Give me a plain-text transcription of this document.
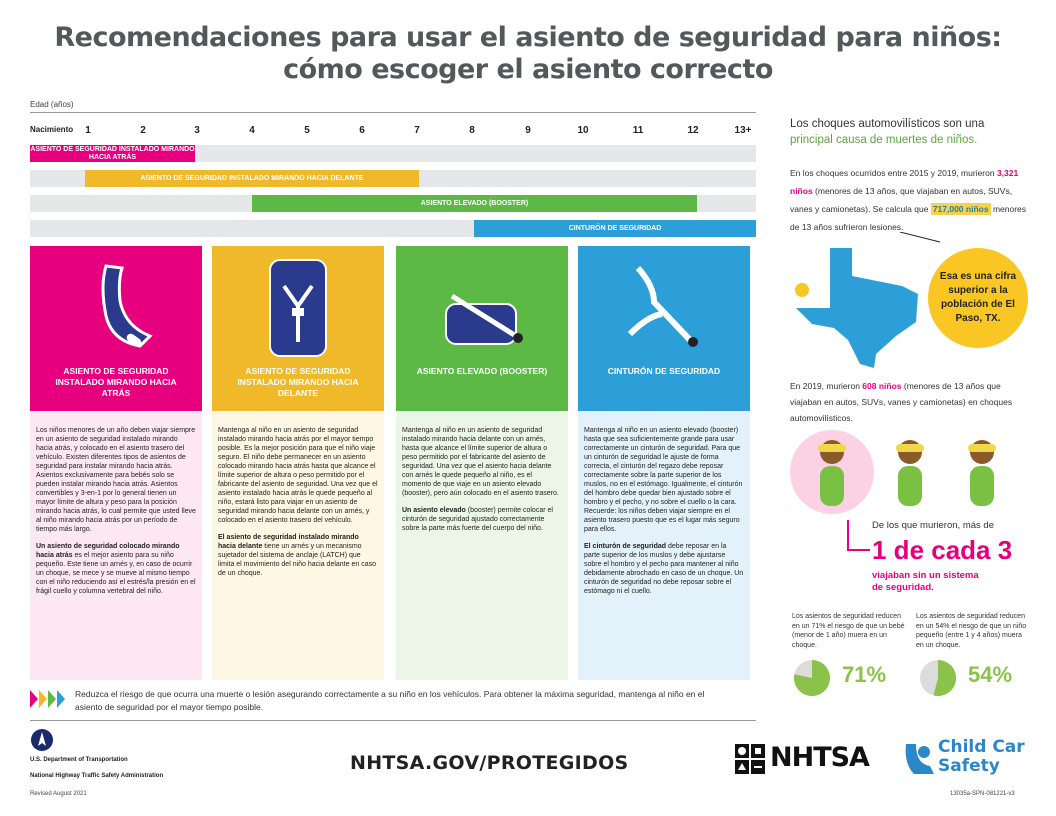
Recomendaciones para usar el asiento de seguridad para niños:
cómo escoger el asiento correcto
Edad (años)
Nacimiento	1	2	3	4	5	6	7	8	9	10	11	12	13+
ASIENTO DE SEGURIDAD INSTALADO MIRANDO HACIA ATRÁS
ASIENTO DE SEGURIDAD INSTALADO MIRANDO HACIA DELANTE
ASIENTO ELEVADO (BOOSTER)
CINTURÓN DE SEGURIDAD
ASIENTO DE SEGURIDAD INSTALADO MIRANDO HACIA ATRÁS
ASIENTO DE SEGURIDAD INSTALADO MIRANDO HACIA DELANTE
ASIENTO ELEVADO (BOOSTER)	CINTURÓN DE SEGURIDAD

Los niños menores de un año deben viajar siempre en un asiento de seguridad instalado mirando hacia atrás, y colocado en el asiento trasero del vehículo. Existen diferentes tipos de asientos de seguridad para instalar mirando hacia atrás. Asientos exclusivamente para bebés solo se pueden instalar mirando hacia atrás. Asientos convertibles y 3-en-1 por lo general tienen un mayor límite de altura y peso para la posición mirando hacia atrás, lo cual permite que usted lleve al niño mirando hacia atrás por un período de tiempo más largo.

Un asiento de seguridad colocado mirando hacia atrás es el mejor asiento para su niño pequeño. Este tiene un arnés y, en caso de ocurrir un choque, se mece y se mueve al mismo tiempo con el niño reduciendo así el estrés/la presión en el frágil cuello y columna vertebral del niño.

Mantenga al niño en un asiento de seguridad instalado mirando hacia atrás por el mayor tiempo posible. Es la mejor posición para que el niño viaje seguro. El niño debe permanecer en un asiento colocado mirando hacia atrás hasta que alcance el límite superior de altura o peso permitido por el fabricante del asiento de seguridad. Una vez que el asiento instalado hacia atrás le quede pequeño al niño, estará listo para viajar en un asiento de seguridad mirando hacia delante con un arnés, y colocado en el asiento trasero del vehículo.

El asiento de seguridad instalado mirando hacia delante tiene un arnés y un mecanismo sujetador del sistema de anclaje (LATCH) que limita el movimiento del niño hacia delante en caso de un choque.

Mantenga al niño en un asiento de seguridad instalado mirando hacia delante con un arnés, hasta que alcance el límite superior de altura o peso permitido por el fabricante del asiento de seguridad. Una vez que el asiento hacia delante con arnés le quede pequeño al niño, es el momento de que viaje en un asiento elevado (booster), pero aún colocado en el asiento trasero.

Un asiento elevado (booster) permite colocar el cinturón de seguridad ajustado correctamente sobre la parte más fuerte del cuerpo del niño.

Mantenga al niño en un asiento elevado (booster) hasta que sea suficientemente grande para usar correctamente un cinturón de seguridad. Para que un cinturón de seguridad le ajuste de forma correcta, el cinturón del regazo debe reposar correctamente sobre la parte superior de los muslos, no en el estómago. Igualmente, el cinturón del hombro debe quedar bien ajustado sobre el hombro y el pecho, y no sobre el cuello o la cara. Recuerde: los niños deben viajar siempre en el asiento trasero puesto que es el lugar más seguro para ellos.

El cinturón de seguridad debe reposar en la parte superior de los muslos y debe ajustarse sobre el hombro y el pecho para mantener al niño debidamente abrochado en caso de un choque. Un cinturón de seguridad no debe reposar sobre el estómago ni el cuello.

Los choques automovilísticos son una
principal causa de muertes de niños.
En los choques ocurridos entre 2015 y 2019, murieron 3,321 niños (menores de 13 años, que viajaban en autos, SUVs, vanes y camionetas). Se calcula que 717,000 niños menores de 13 años sufrieron lesiones.
Esa es una cifra superior a la población de El Paso, TX.
En 2019, murieron 608 niños (menores de 13 años que viajaban en autos, SUVs, vanes y camionetas) en choques automovilísticos.
De los que murieron, más de
1 de cada 3
viajaban sin un sistema de seguridad.
Los asientos de seguridad reducen en un 71% el riesgo de que un bebé (menor de 1 año) muera en un choque.
Los asientos de seguridad reducen en un 54% el riesgo de que un niño pequeño (entre 1 y 4 años) muera en un choque.
71%	54%
Reduzca el riesgo de que ocurra una muerte o lesión asegurando correctamente a su niño en los vehículos. Para obtener la máxima seguridad, mantenga al niño en el asiento de seguridad por el mayor tiempo posible.
U.S. Department of Transportation
National Highway Traffic Safety Administration
NHTSA.GOV/PROTEGIDOS	NHTSA	Child Car
Safety
Revised August 2021	13035a-SPN-081221-v3
